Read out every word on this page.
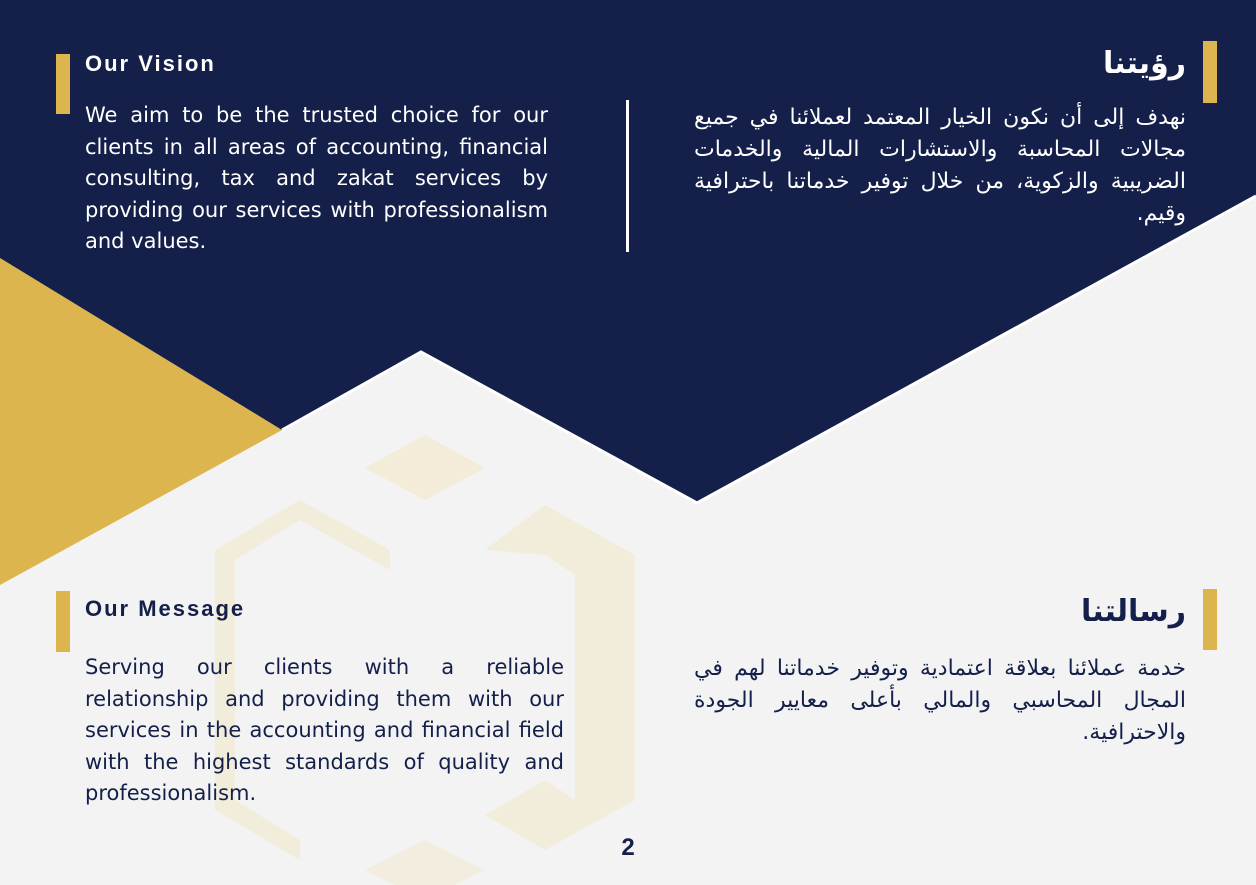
Our Vision

We aim to be the trusted choice for our clients in all areas of accounting, financial consulting, tax and zakat services by providing our services with professionalism and values.

رؤيتنا

نهدف إلى أن نكون الخيار المعتمد لعملائنا في جميع مجالات المحاسبة والاستشارات المالية والخدمات الضريبية والزكوية، من خلال توفير خدماتنا باحترافية وقيم.

Our Message

Serving our clients with a reliable relationship and providing them with our services in the accounting and financial field with the highest standards of quality and professionalism.

رسالتنا

خدمة عملائنا بعلاقة اعتمادية وتوفير خدماتنا لهم في المجال المحاسبي والمالي بأعلى معايير الجودة والاحترافية.

2
